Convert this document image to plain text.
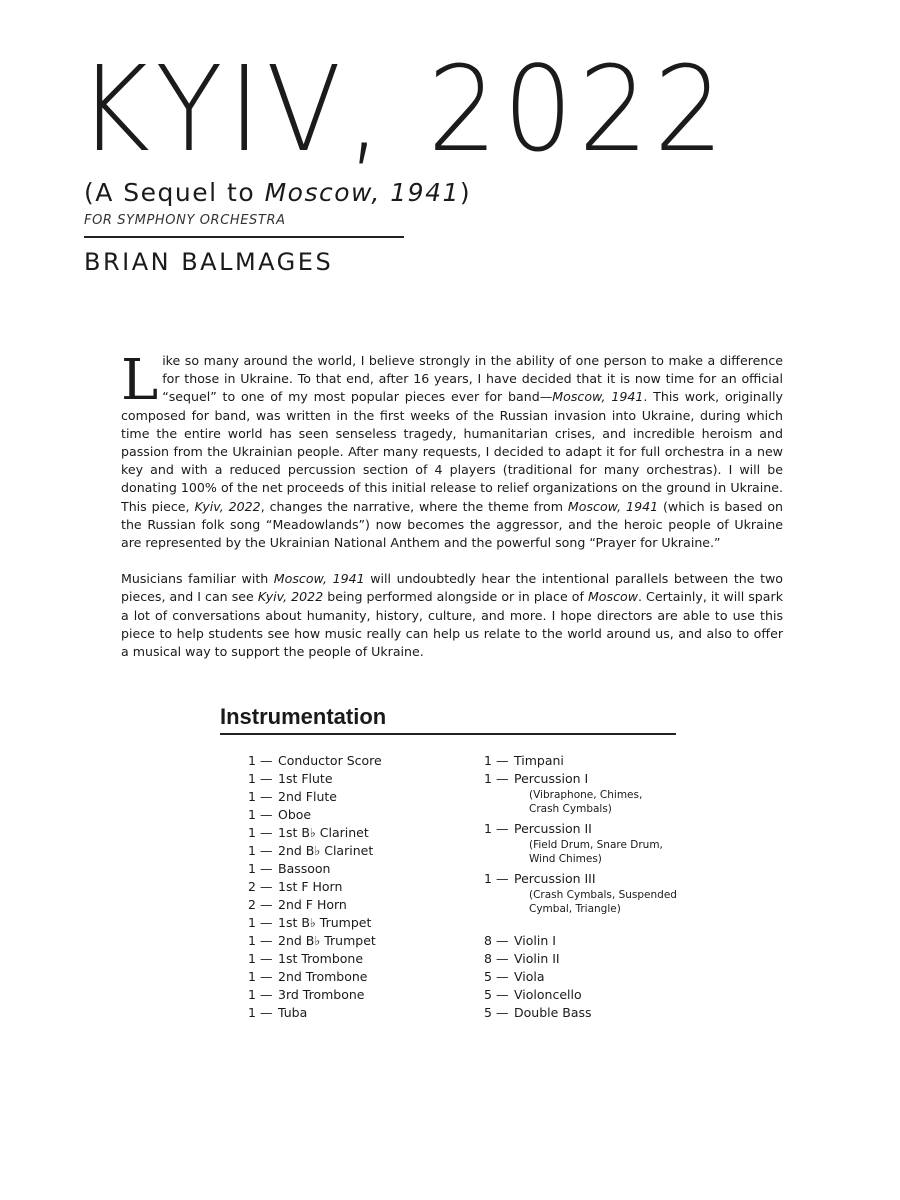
KYIV, 2022
(A Sequel to Moscow, 1941)
FOR SYMPHONY ORCHESTRA
BRIAN BALMAGES

Like so many around the world, I believe strongly in the ability of one person to make a difference for those in Ukraine. To that end, after 16 years, I have decided that it is now time for an official “sequel” to one of my most popular pieces ever for band—Moscow, 1941. This work, originally composed for band, was written in the first weeks of the Russian invasion into Ukraine, during which time the entire world has seen senseless tragedy, humanitarian crises, and incredible heroism and passion from the Ukrainian people. After many requests, I decided to adapt it for full orchestra in a new key and with a reduced percussion section of 4 players (traditional for many orchestras). I will be donating 100% of the net proceeds of this initial release to relief organizations on the ground in Ukraine. This piece, Kyiv, 2022, changes the narrative, where the theme from Moscow, 1941 (which is based on the Russian folk song “Meadowlands”) now becomes the aggressor, and the heroic people of Ukraine are represented by the Ukrainian National Anthem and the powerful song “Prayer for Ukraine.”

Musicians familiar with Moscow, 1941 will undoubtedly hear the intentional parallels between the two pieces, and I can see Kyiv, 2022 being performed alongside or in place of Moscow. Certainly, it will spark a lot of conversations about humanity, history, culture, and more. I hope directors are able to use this piece to help students see how music really can help us relate to the world around us, and also to offer a musical way to support the people of Ukraine.

Instrumentation
1 — Conductor Score
1 — 1st Flute
1 — 2nd Flute
1 — Oboe
1 — 1st B♭ Clarinet
1 — 2nd B♭ Clarinet
1 — Bassoon
2 — 1st F Horn
2 — 2nd F Horn
1 — 1st B♭ Trumpet
1 — 2nd B♭ Trumpet
1 — 1st Trombone
1 — 2nd Trombone
1 — 3rd Trombone
1 — Tuba
1 — Timpani
1 — Percussion I
(Vibraphone, Chimes,
Crash Cymbals)
1 — Percussion II
(Field Drum, Snare Drum,
Wind Chimes)
1 — Percussion III
(Crash Cymbals, Suspended
Cymbal, Triangle)
8 — Violin I
8 — Violin II
5 — Viola
5 — Violoncello
5 — Double Bass
